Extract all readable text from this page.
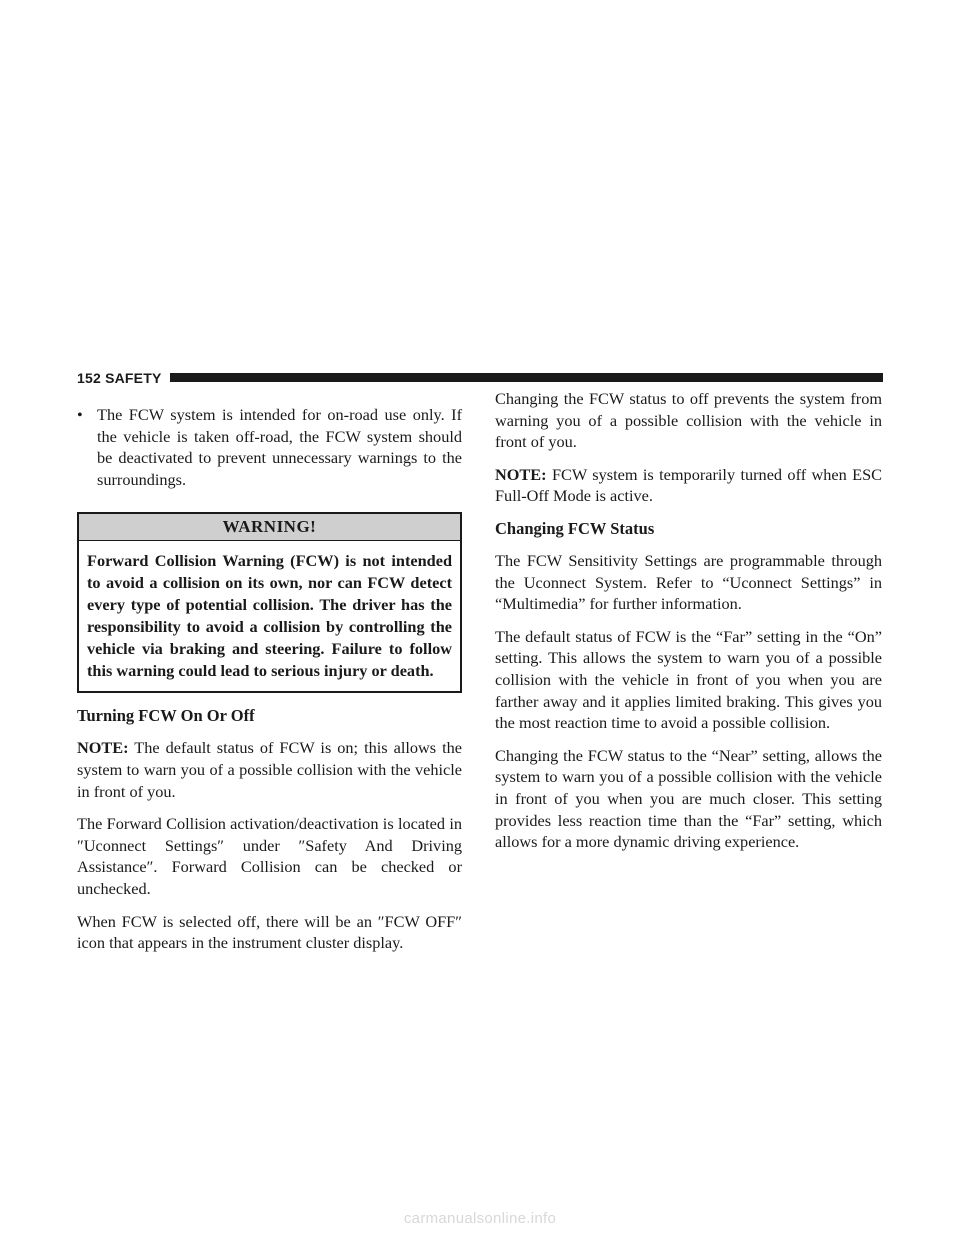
152 SAFETY
• The FCW system is intended for on-road use only. If the vehicle is taken off-road, the FCW system should be deactivated to prevent unnecessary warnings to the surroundings.
WARNING!
Forward Collision Warning (FCW) is not intended to avoid a collision on its own, nor can FCW detect every type of potential collision. The driver has the responsibility to avoid a collision by controlling the vehicle via braking and steering. Failure to follow this warning could lead to serious injury or death.
Turning FCW On Or Off

NOTE: The default status of FCW is on; this allows the system to warn you of a possible collision with the vehicle in front of you.

The Forward Collision activation/deactivation is located in ″Uconnect Settings″ under ″Safety And Driving Assistance″. Forward Collision can be checked or unchecked.

When FCW is selected off, there will be an ″FCW OFF″ icon that appears in the instrument cluster display.

Changing the FCW status to off prevents the system from warning you of a possible collision with the vehicle in front of you.

NOTE: FCW system is temporarily turned off when ESC Full-Off Mode is active.

Changing FCW Status

The FCW Sensitivity Settings are programmable through the Uconnect System. Refer to “Uconnect Settings” in “Multimedia” for further information.

The default status of FCW is the “Far” setting in the “On” setting. This allows the system to warn you of a possible collision with the vehicle in front of you when you are farther away and it applies limited braking. This gives you the most reaction time to avoid a possible collision.

Changing the FCW status to the “Near” setting, allows the system to warn you of a possible collision with the vehicle in front of you when you are much closer. This setting provides less reaction time than the “Far” setting, which allows for a more dynamic driving experience.

carmanualsonline.info
